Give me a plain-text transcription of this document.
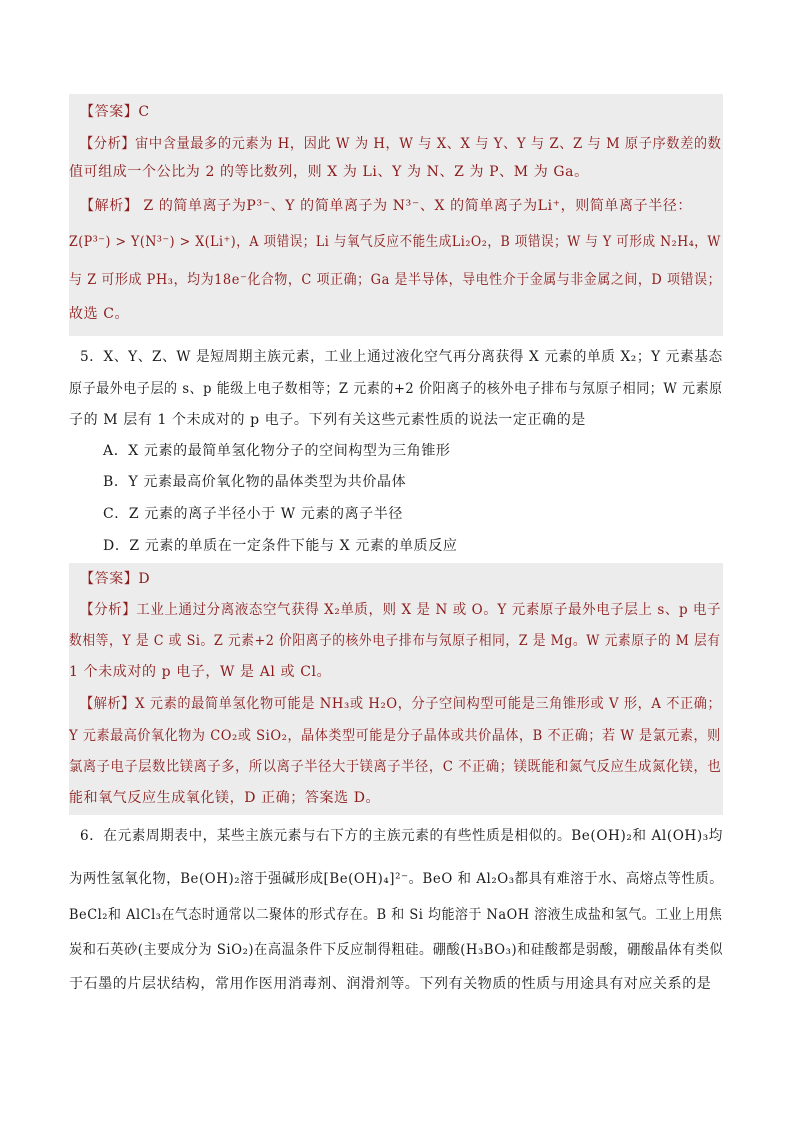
【答案】C
【分析】宙中含量最多的元素为 H，因此 W 为 H，W 与 X、X 与 Y、Y 与 Z、Z 与 M 原子序数差的数
值可组成一个公比为 2 的等比数列，则 X 为 Li、Y 为 N、Z 为 P、M 为 Ga。
【解析】 Z 的简单离子为P³⁻、Y 的简单离子为 N³⁻、X 的简单离子为Li⁺，则简单离子半径：
Z(P³⁻) > Y(N³⁻) > X(Li⁺)，A 项错误；Li 与氧气反应不能生成Li₂O₂，B 项错误；W 与 Y 可形成 N₂H₄，W
与 Z 可形成 PH₃，均为18e⁻化合物，C 项正确；Ga 是半导体，导电性介于金属与非金属之间，D 项错误；
故选 C。
5．X、Y、Z、W 是短周期主族元素，工业上通过液化空气再分离获得 X 元素的单质 X₂；Y 元素基态
原子最外电子层的 s、p 能级上电子数相等；Z 元素的+2 价阳离子的核外电子排布与氖原子相同；W 元素原
子的 M 层有 1 个未成对的 p 电子。下列有关这些元素性质的说法一定正确的是
A．X 元素的最简单氢化物分子的空间构型为三角锥形
B．Y 元素最高价氧化物的晶体类型为共价晶体
C．Z 元素的离子半径小于 W 元素的离子半径
D．Z 元素的单质在一定条件下能与 X 元素的单质反应
【答案】D
【分析】工业上通过分离液态空气获得 X₂单质，则 X 是 N 或 O。Y 元素原子最外电子层上 s、p 电子
数相等，Y 是 C 或 Si。Z 元素+2 价阳离子的核外电子排布与氖原子相同，Z 是 Mg。W 元素原子的 M 层有
1 个未成对的 p 电子，W 是 Al 或 Cl。
【解析】X 元素的最简单氢化物可能是 NH₃或 H₂O，分子空间构型可能是三角锥形或 V 形，A 不正确；
Y 元素最高价氧化物为 CO₂或 SiO₂，晶体类型可能是分子晶体或共价晶体，B 不正确；若 W 是氯元素，则
氯离子电子层数比镁离子多，所以离子半径大于镁离子半径，C 不正确；镁既能和氮气反应生成氮化镁，也
能和氧气反应生成氧化镁，D 正确；答案选 D。
6．在元素周期表中，某些主族元素与右下方的主族元素的有些性质是相似的。Be(OH)₂和 Al(OH)₃均
为两性氢氧化物，Be(OH)₂溶于强碱形成[Be(OH)₄]²⁻。BeO 和 Al₂O₃都具有难溶于水、高熔点等性质。
BeCl₂和 AlCl₃在气态时通常以二聚体的形式存在。B 和 Si 均能溶于 NaOH 溶液生成盐和氢气。工业上用焦
炭和石英砂(主要成分为 SiO₂)在高温条件下反应制得粗硅。硼酸(H₃BO₃)和硅酸都是弱酸，硼酸晶体有类似
于石墨的片层状结构，常用作医用消毒剂、润滑剂等。下列有关物质的性质与用途具有对应关系的是
